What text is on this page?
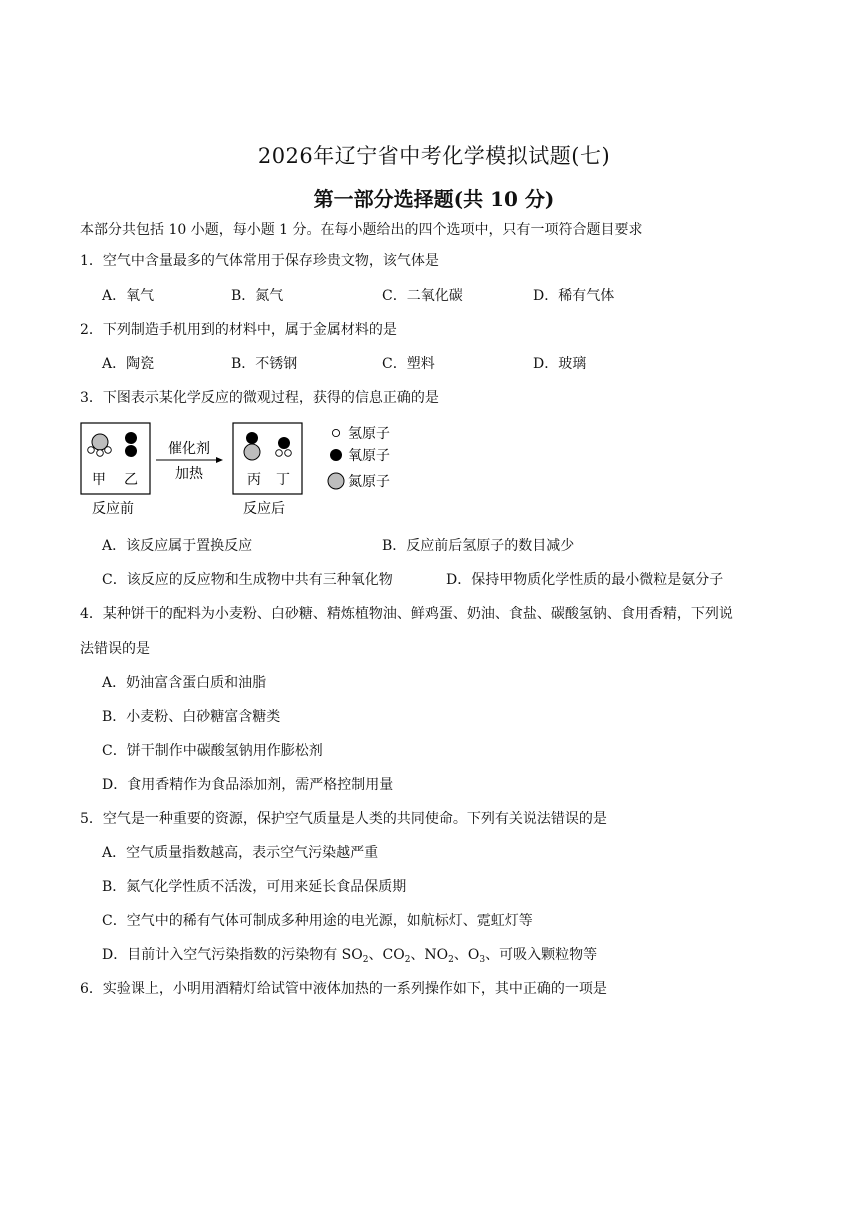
2026年辽宁省中考化学模拟试题(七)
第一部分选择题(共 10 分)
本部分共包括 10 小题，每小题 1 分。在每小题给出的四个选项中，只有一项符合题目要求
1．空气中含量最多的气体常用于保存珍贵文物，该气体是
A．氧气	B．氮气	C．二氧化碳	D．稀有气体
2．下列制造手机用到的材料中，属于金属材料的是
A．陶瓷	B．不锈钢	C．塑料	D．玻璃
3．下图表示某化学反应的微观过程，获得的信息正确的是
甲 乙
反应前
催化剂
加热	丙 丁
反应后
氢原子
氧原子
氮原子
A．该反应属于置换反应	B．反应前后氢原子的数目减少
C．该反应的反应物和生成物中共有三种氧化物	D．保持甲物质化学性质的最小微粒是氨分子
4．某种饼干的配料为小麦粉、白砂糖、精炼植物油、鲜鸡蛋、奶油、食盐、碳酸氢钠、食用香精，下列说
法错误的是
A．奶油富含蛋白质和油脂
B．小麦粉、白砂糖富含糖类
C．饼干制作中碳酸氢钠用作膨松剂
D．食用香精作为食品添加剂，需严格控制用量
5．空气是一种重要的资源，保护空气质量是人类的共同使命。下列有关说法错误的是
A．空气质量指数越高，表示空气污染越严重
B．氮气化学性质不活泼，可用来延长食品保质期
C．空气中的稀有气体可制成多种用途的电光源，如航标灯、霓虹灯等
D．目前计入空气污染指数的污染物有 $SO_2$、$CO_2$、$NO_2$、$O_3$、可吸入颗粒物等
6．实验课上，小明用酒精灯给试管中液体加热的一系列操作如下，其中正确的一项是
